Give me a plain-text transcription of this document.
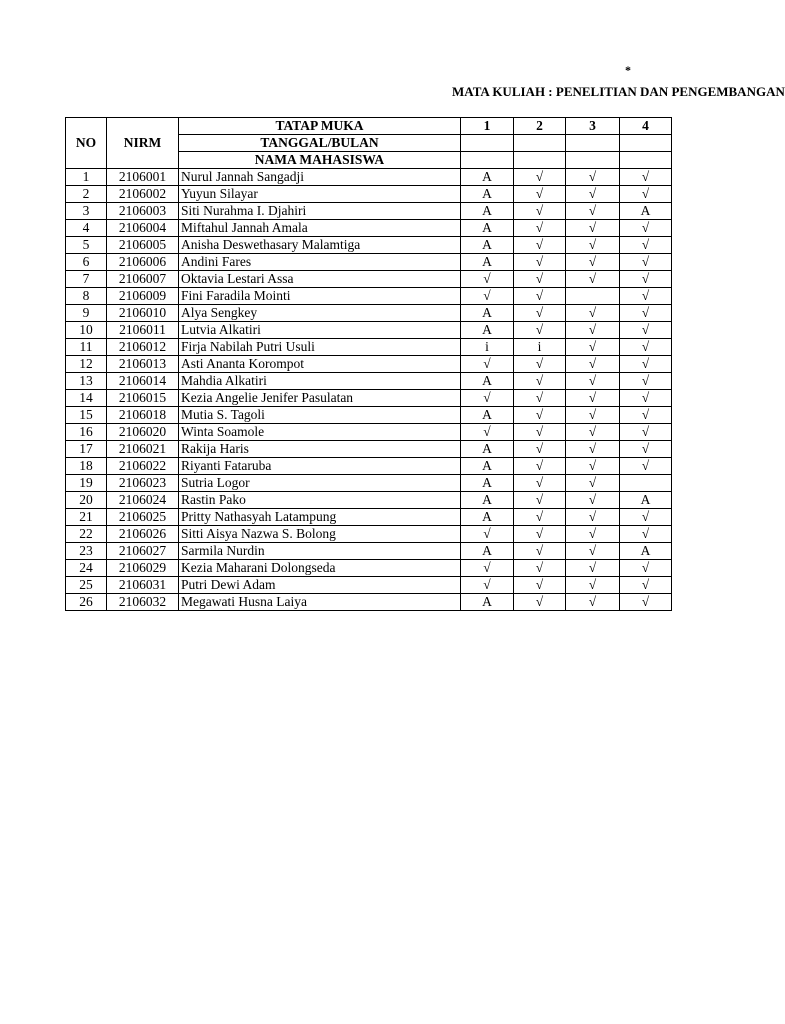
*
MATA KULIAH : PENELITIAN DAN PENGEMBANGAN
NO	NIRM	TATAP MUKA	1	2	3	4
		TANGGAL/BULAN				
		NAMA MAHASISWA				
1	2106001	Nurul Jannah Sangadji	A	√	√	√
2	2106002	Yuyun Silayar	A	√	√	√
3	2106003	Siti Nurahma I. Djahiri	A	√	√	A
4	2106004	Miftahul Jannah Amala	A	√	√	√
5	2106005	Anisha Deswethasary Malamtiga	A	√	√	√
6	2106006	Andini Fares	A	√	√	√
7	2106007	Oktavia Lestari Assa	√	√	√	√
8	2106009	Fini Faradila Mointi	√	√		√
9	2106010	Alya Sengkey	A	√	√	√
10	2106011	Lutvia Alkatiri	A	√	√	√
11	2106012	Firja Nabilah Putri Usuli	i	i	√	√
12	2106013	Asti Ananta Korompot	√	√	√	√
13	2106014	Mahdia Alkatiri	A	√	√	√
14	2106015	Kezia Angelie Jenifer Pasulatan	√	√	√	√
15	2106018	Mutia S. Tagoli	A	√	√	√
16	2106020	Winta Soamole	√	√	√	√
17	2106021	Rakija Haris	A	√	√	√
18	2106022	Riyanti Fataruba	A	√	√	√
19	2106023	Sutria Logor	A	√	√	
20	2106024	Rastin Pako	A	√	√	A
21	2106025	Pritty Nathasyah Latampung	A	√	√	√
22	2106026	Sitti Aisya Nazwa S. Bolong	√	√	√	√
23	2106027	Sarmila Nurdin	A	√	√	A
24	2106029	Kezia Maharani Dolongseda	√	√	√	√
25	2106031	Putri Dewi Adam	√	√	√	√
26	2106032	Megawati Husna Laiya	A	√	√	√
